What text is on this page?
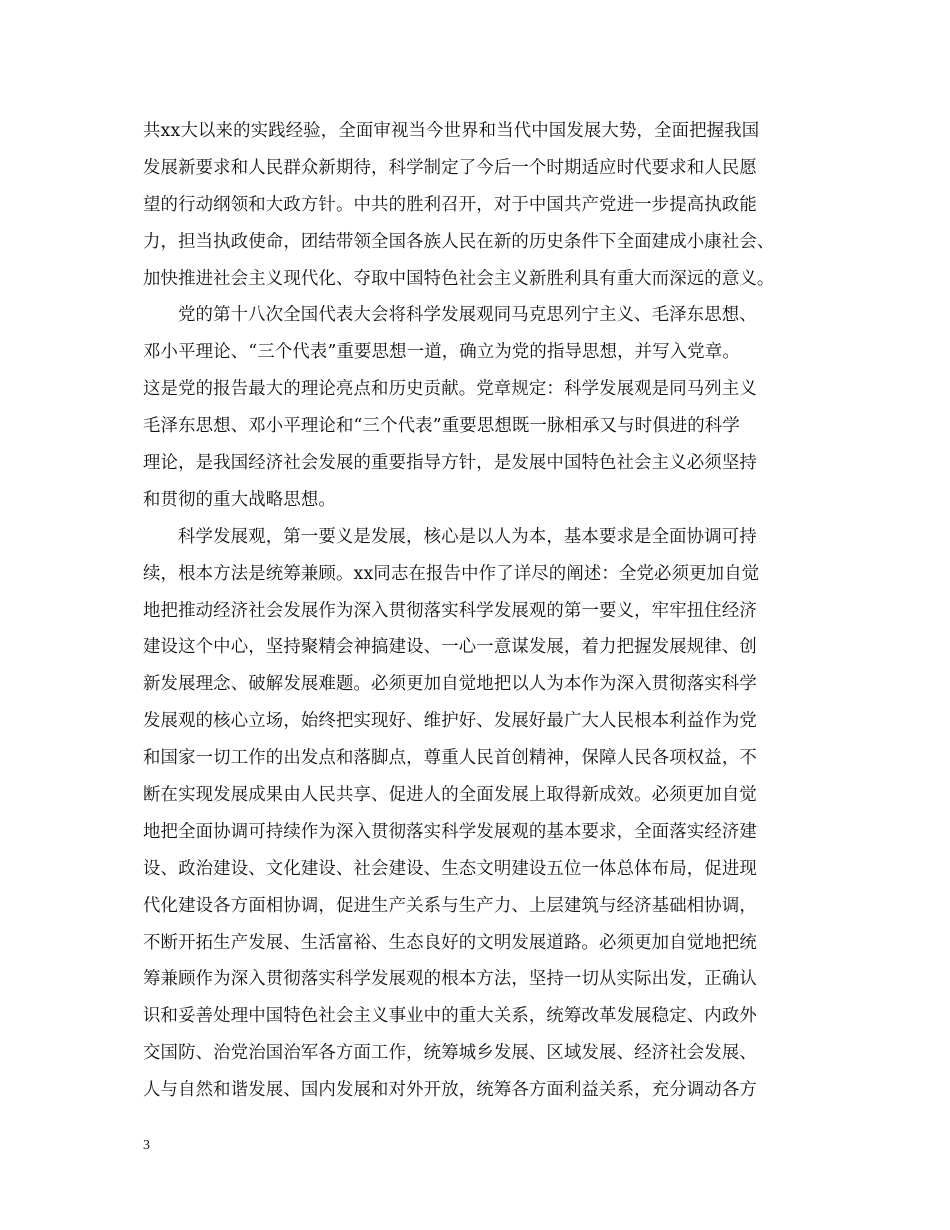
共xx大以来的实践经验，全面审视当今世界和当代中国发展大势，全面把握我国
发展新要求和人民群众新期待，科学制定了今后一个时期适应时代要求和人民愿
望的行动纲领和大政方针。中共的胜利召开，对于中国共产党进一步提高执政能
力，担当执政使命，团结带领全国各族人民在新的历史条件下全面建成小康社会、
加快推进社会主义现代化、夺取中国特色社会主义新胜利具有重大而深远的意义。
党的第十八次全国代表大会将科学发展观同马克思列宁主义、毛泽东思想、
邓小平理论、“三个代表”重要思想一道，确立为党的指导思想，并写入党章。
这是党的报告最大的理论亮点和历史贡献。党章规定：科学发展观是同马列主义
毛泽东思想、邓小平理论和“三个代表”重要思想既一脉相承又与时俱进的科学
理论，是我国经济社会发展的重要指导方针，是发展中国特色社会主义必须坚持
和贯彻的重大战略思想。
科学发展观，第一要义是发展，核心是以人为本，基本要求是全面协调可持
续，根本方法是统筹兼顾。xx同志在报告中作了详尽的阐述：全党必须更加自觉
地把推动经济社会发展作为深入贯彻落实科学发展观的第一要义，牢牢扭住经济
建设这个中心，坚持聚精会神搞建设、一心一意谋发展，着力把握发展规律、创
新发展理念、破解发展难题。必须更加自觉地把以人为本作为深入贯彻落实科学
发展观的核心立场，始终把实现好、维护好、发展好最广大人民根本利益作为党
和国家一切工作的出发点和落脚点，尊重人民首创精神，保障人民各项权益，不
断在实现发展成果由人民共享、促进人的全面发展上取得新成效。必须更加自觉
地把全面协调可持续作为深入贯彻落实科学发展观的基本要求，全面落实经济建
设、政治建设、文化建设、社会建设、生态文明建设五位一体总体布局，促进现
代化建设各方面相协调，促进生产关系与生产力、上层建筑与经济基础相协调，
不断开拓生产发展、生活富裕、生态良好的文明发展道路。必须更加自觉地把统
筹兼顾作为深入贯彻落实科学发展观的根本方法，坚持一切从实际出发，正确认
识和妥善处理中国特色社会主义事业中的重大关系，统筹改革发展稳定、内政外
交国防、治党治国治军各方面工作，统筹城乡发展、区域发展、经济社会发展、
人与自然和谐发展、国内发展和对外开放，统筹各方面利益关系，充分调动各方
3
